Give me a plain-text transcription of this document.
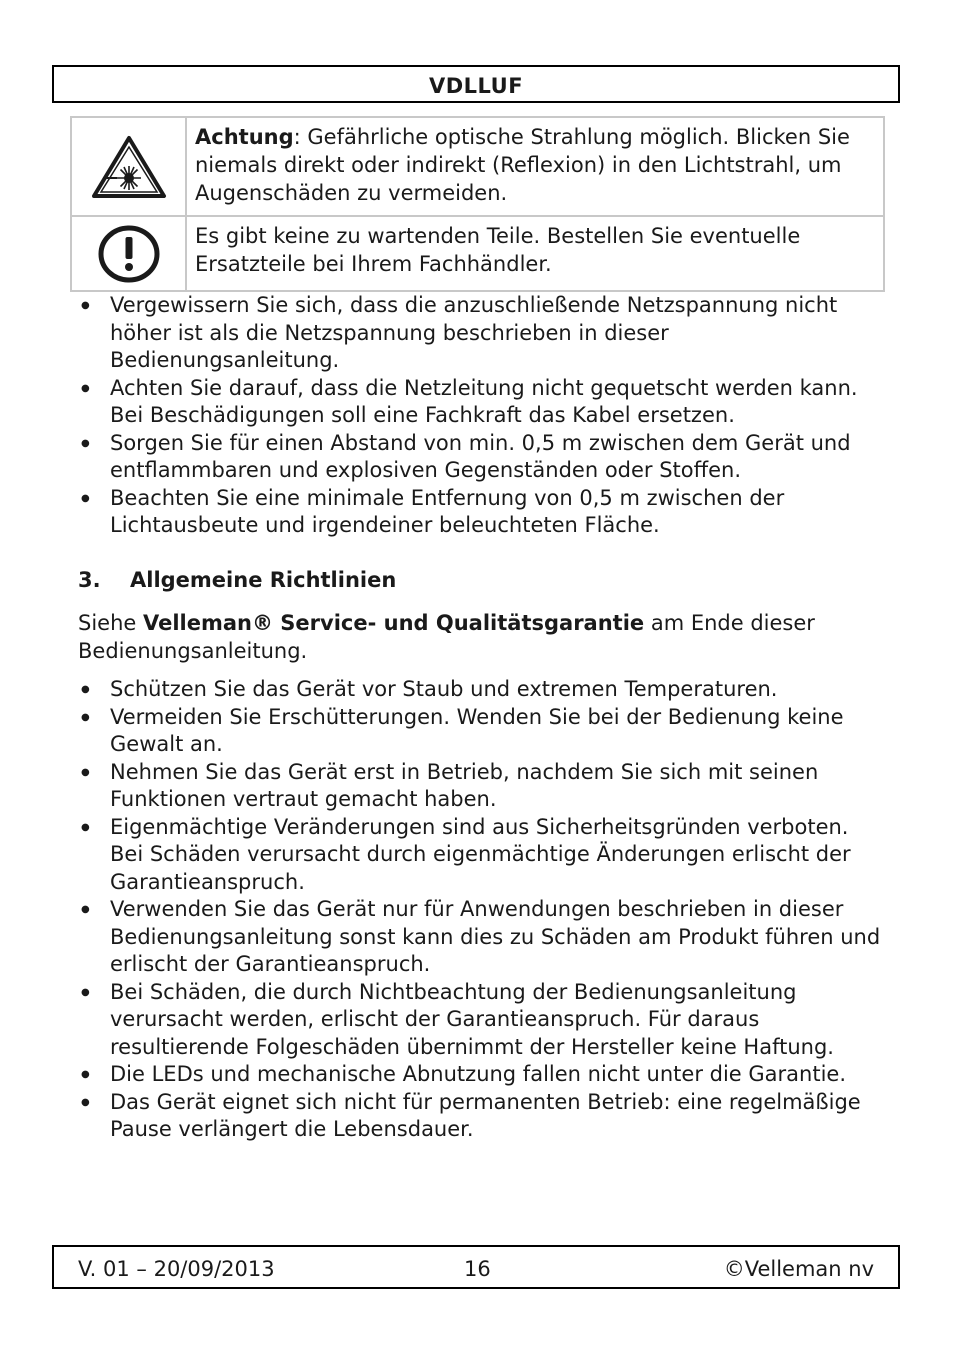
VDLLUF
	Achtung: Gefährliche optische Strahlung möglich. Blicken Sie niemals direkt oder indirekt (Reflexion) in den Lichtstrahl, um Augenschäden zu vermeiden.

	Es gibt keine zu wartenden Teile. Bestellen Sie eventuelle Ersatzteile bei Ihrem Fachhändler.
● Vergewissern Sie sich, dass die anzuschließende Netzspannung nicht höher ist als die Netzspannung beschrieben in dieser Bedienungsanleitung.
● Achten Sie darauf, dass die Netzleitung nicht gequetscht werden kann. Bei Beschädigungen soll eine Fachkraft das Kabel ersetzen.
● Sorgen Sie für einen Abstand von min. 0,5 m zwischen dem Gerät und entflammbaren und explosiven Gegenständen oder Stoffen.
● Beachten Sie eine minimale Entfernung von 0,5 m zwischen der Lichtausbeute und irgendeiner beleuchteten Fläche.
3. Allgemeine Richtlinien
Siehe Velleman® Service- und Qualitätsgarantie am Ende dieser Bedienungsanleitung.
● Schützen Sie das Gerät vor Staub und extremen Temperaturen.
● Vermeiden Sie Erschütterungen. Wenden Sie bei der Bedienung keine Gewalt an.
● Nehmen Sie das Gerät erst in Betrieb, nachdem Sie sich mit seinen Funktionen vertraut gemacht haben.
● Eigenmächtige Veränderungen sind aus Sicherheitsgründen verboten. Bei Schäden verursacht durch eigenmächtige Änderungen erlischt der Garantieanspruch.
● Verwenden Sie das Gerät nur für Anwendungen beschrieben in dieser Bedienungsanleitung sonst kann dies zu Schäden am Produkt führen und erlischt der Garantieanspruch.
● Bei Schäden, die durch Nichtbeachtung der Bedienungsanleitung verursacht werden, erlischt der Garantieanspruch. Für daraus resultierende Folgeschäden übernimmt der Hersteller keine Haftung.
● Die LEDs und mechanische Abnutzung fallen nicht unter die Garantie.
● Das Gerät eignet sich nicht für permanenten Betrieb: eine regelmäßige Pause verlängert die Lebensdauer.
V. 01 – 20/09/2013	16	©Velleman nv
